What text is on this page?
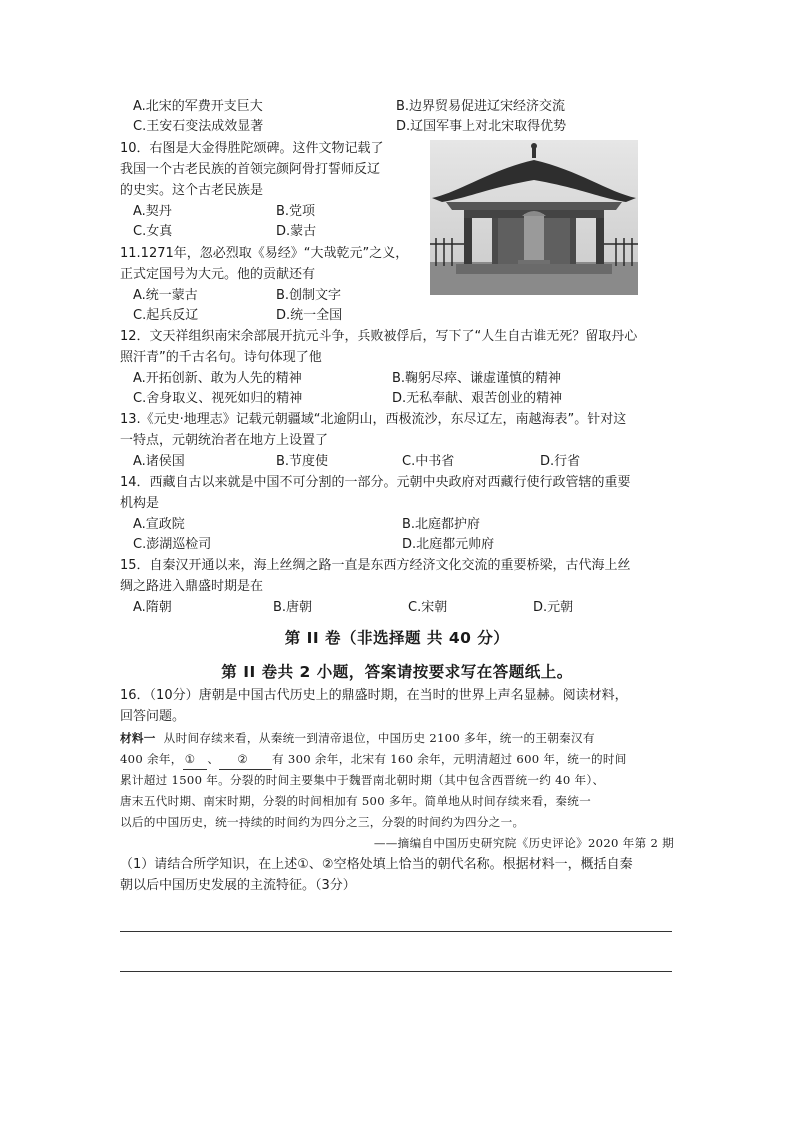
A.北宋的军费开支巨大	B.边界贸易促进辽宋经济交流
C.王安石变法成效显著	D.辽国军事上对北宋取得优势
10．右图是大金得胜陀颂碑。这件文物记载了
我国一个古老民族的首领完颜阿骨打誓师反辽
的史实。这个古老民族是
A.契丹	B.党项
C.女真	D.蒙古
11.1271年，忽必烈取《易经》“大哉乾元”之义，
正式定国号为大元。他的贡献还有
A.统一蒙古	B.创制文字
C.起兵反辽	D.统一全国
12．文天祥组织南宋余部展开抗元斗争，兵败被俘后，写下了“人生自古谁无死？留取丹心
照汗青”的千古名句。诗句体现了他
A.开拓创新、敢为人先的精神	B.鞠躬尽瘁、谦虚谨慎的精神
C.舍身取义、视死如归的精神	D.无私奉献、艰苦创业的精神
13.《元史·地理志》记载元朝疆域“北逾阴山，西极流沙，东尽辽左，南越海表”。针对这
一特点，元朝统治者在地方上设置了
A.诸侯国	B.节度使	C.中书省	D.行省
14．西藏自古以来就是中国不可分割的一部分。元朝中央政府对西藏行使行政管辖的重要
机构是
A.宣政院	B.北庭都护府
C.澎湖巡检司	D.北庭都元帅府
15．自秦汉开通以来，海上丝绸之路一直是东西方经济文化交流的重要桥梁，古代海上丝
绸之路进入鼎盛时期是在
A.隋朝	B.唐朝	C.宋朝	D.元朝
第 II 卷（非选择题 共 40 分）
第 II 卷共 2 小题，答案请按要求写在答题纸上。
16．（10分）唐朝是中国古代历史上的鼎盛时期，在当时的世界上声名显赫。阅读材料，
回答问题。
材料一 从时间存续来看，从秦统一到清帝退位，中国历史 2100 多年，统一的王朝秦汉有
400 余年， ① 、 ② 有 300 余年，北宋有 160 余年，元明清超过 600 年，统一的时间
累计超过 1500 年。分裂的时间主要集中于魏晋南北朝时期（其中包含西晋统一约 40 年）、
唐末五代时期、南宋时期，分裂的时间相加有 500 多年。简单地从时间存续来看，秦统一
以后的中国历史，统一持续的时间约为四分之三，分裂的时间约为四分之一。
——摘编自中国历史研究院《历史评论》2020 年第 2 期
（1）请结合所学知识，在上述①、②空格处填上恰当的朝代名称。根据材料一，概括自秦
朝以后中国历史发展的主流特征。（3分）
